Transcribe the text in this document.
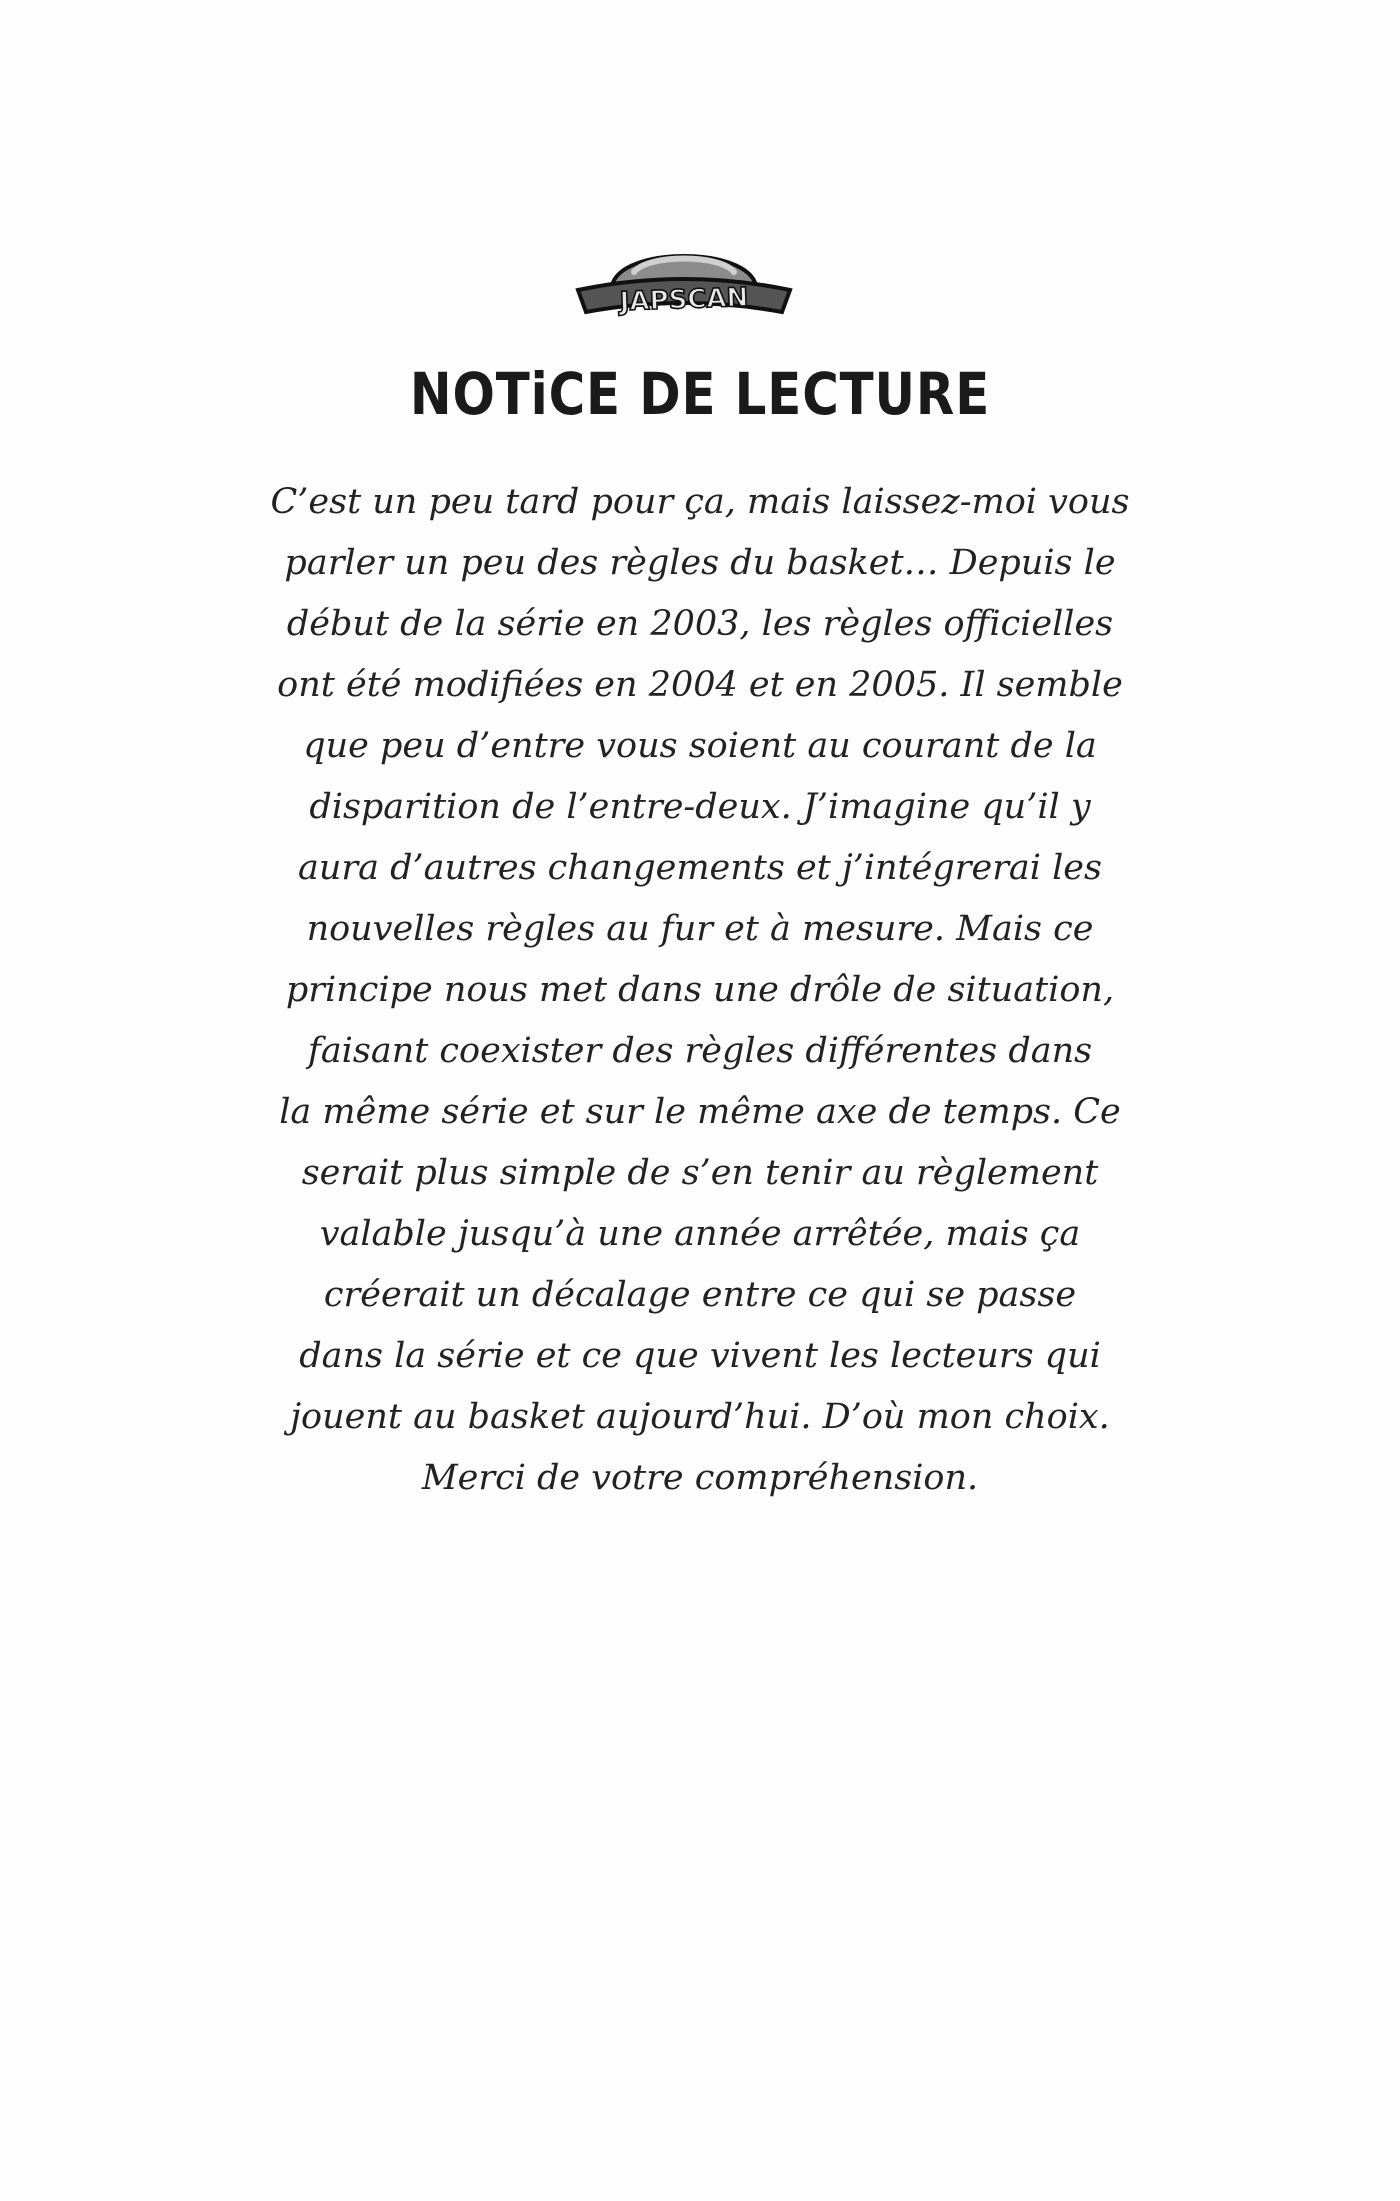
JAPSCAN
NOTiCE DE LECTURE
C’est un peu tard pour ça, mais laissez-moi vous
parler un peu des règles du basket… Depuis le
début de la série en 2003, les règles officielles
ont été modifiées en 2004 et en 2005. Il semble
que peu d’entre vous soient au courant de la
disparition de l’entre-deux. J’imagine qu’il y
aura d’autres changements et j’intégrerai les
nouvelles règles au fur et à mesure. Mais ce
principe nous met dans une drôle de situation,
faisant coexister des règles différentes dans
la même série et sur le même axe de temps. Ce
serait plus simple de s’en tenir au règlement
valable jusqu’à une année arrêtée, mais ça
créerait un décalage entre ce qui se passe
dans la série et ce que vivent les lecteurs qui
jouent au basket aujourd’hui. D’où mon choix.
Merci de votre compréhension.
